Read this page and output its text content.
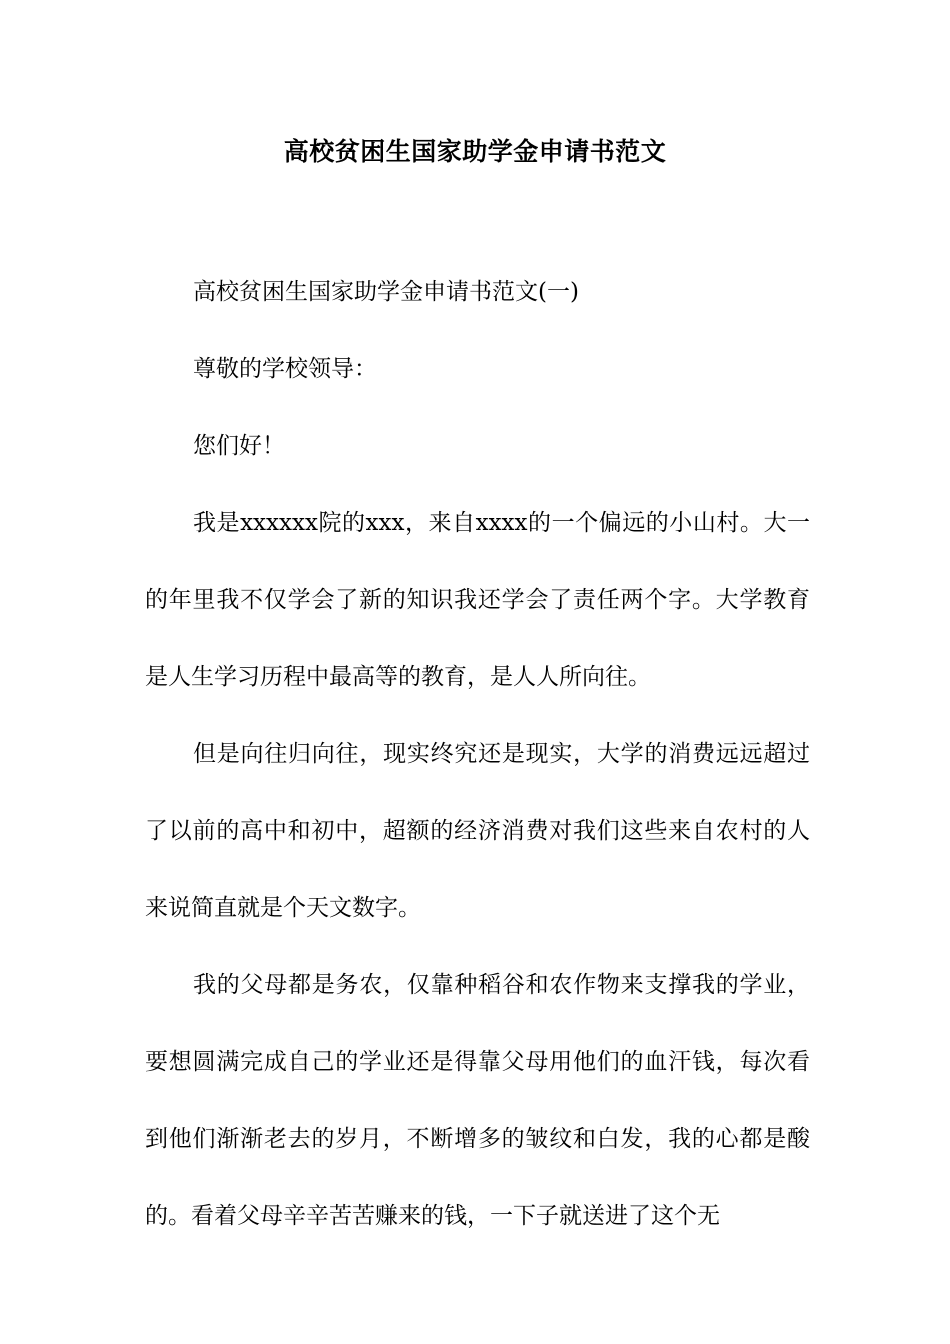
高校贫困生国家助学金申请书范文

高校贫困生国家助学金申请书范文(一)

尊敬的学校领导：

您们好！

我是xxxxxx院的xxx，来自xxxx的一个偏远的小山村。大一的年里我不仅学会了新的知识我还学会了责任两个字。大学教育是人生学习历程中最高等的教育，是人人所向往。

但是向往归向往，现实终究还是现实，大学的消费远远超过了以前的高中和初中，超额的经济消费对我们这些来自农村的人来说简直就是个天文数字。

我的父母都是务农，仅靠种稻谷和农作物来支撑我的学业，要想圆满完成自己的学业还是得靠父母用他们的血汗钱，每次看到他们渐渐老去的岁月，不断增多的皱纹和白发，我的心都是酸的。看着父母辛辛苦苦赚来的钱，一下子就送进了这个无
